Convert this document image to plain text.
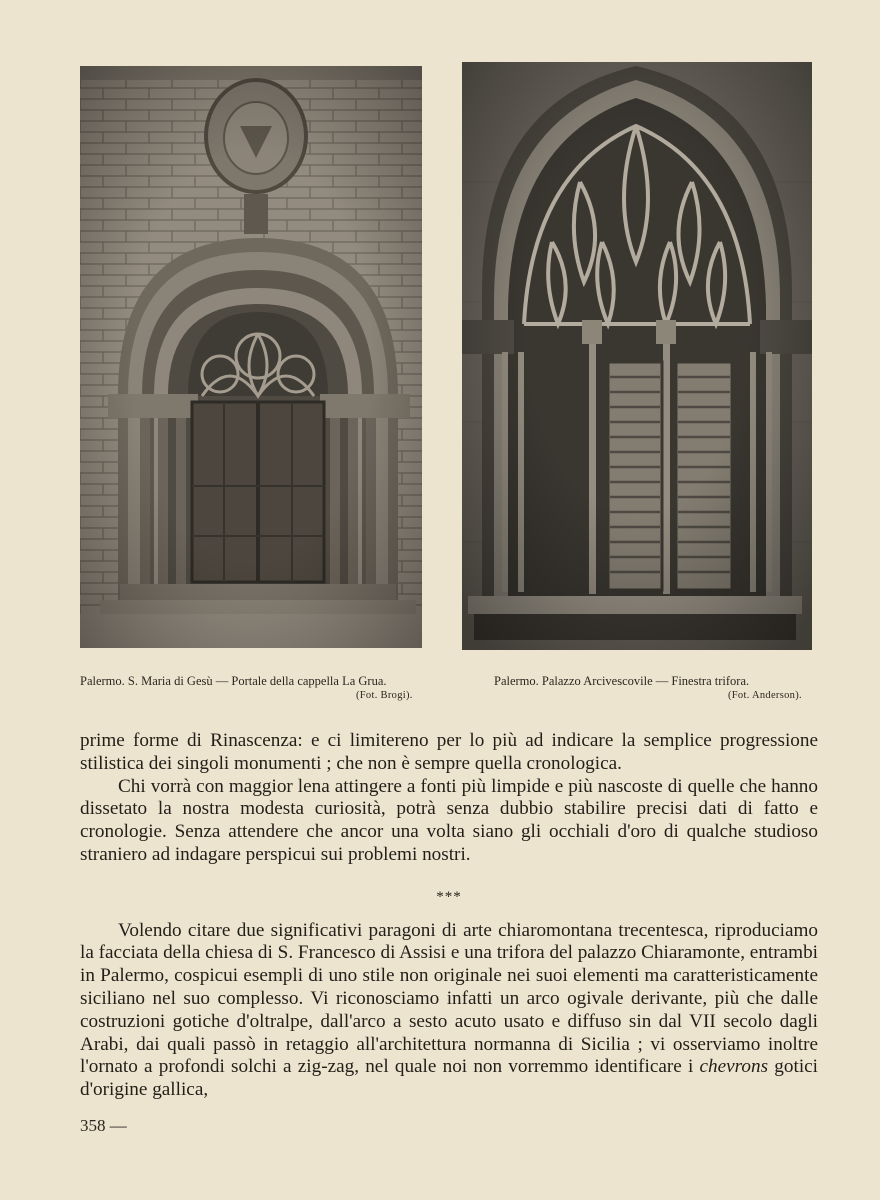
Palermo. S. Maria di Gesù — Portale della cappella La Grua.
(Fot. Brogi).
Palermo. Palazzo Arcivescovile — Finestra trifora.
(Fot. Anderson).

prime forme di Rinascenza: e ci limitereno per lo più ad indicare la semplice progressione stilistica dei singoli monumenti ; che non è sempre quella cronologica.

Chi vorrà con maggior lena attingere a fonti più limpide e più nascoste di quelle che hanno dissetato la nostra modesta curiosità, potrà senza dubbio stabilire precisi dati di fatto e cronologie. Senza attendere che ancor una volta siano gli occhiali d'oro di qualche studioso straniero ad indagare perspicui sui problemi nostri.

***

Volendo citare due significativi paragoni di arte chiaromontana trecentesca, riproduciamo la facciata della chiesa di S. Francesco di Assisi e una trifora del palazzo Chiaramonte, entrambi in Palermo, cospicui esempli di uno stile non originale nei suoi elementi ma caratteristicamente siciliano nel suo complesso. Vi riconosciamo infatti un arco ogivale derivante, più che dalle costruzioni gotiche d'oltralpe, dall'arco a sesto acuto usato e diffuso sin dal VII secolo dagli Arabi, dai quali passò in retaggio all'architettura normanna di Sicilia ; vi osserviamo inoltre l'ornato a profondi solchi a zig-zag, nel quale noi non vorremmo identificare i chevrons gotici d'origine gallica,

358 —
